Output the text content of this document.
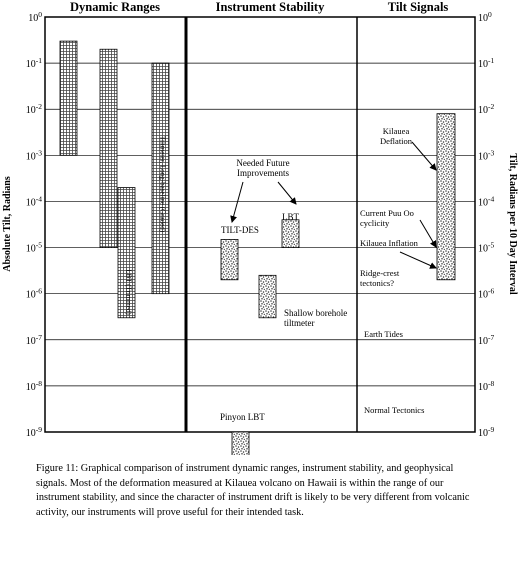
Dynamic Ranges	Instrument Stability	Tilt Signals
Absolute Tilt, Radians	Tilt, Radians per 10 Day Interval
$10^0$	$10^0$
$10^{-1}$	$10^{-1}$
$10^{-2}$	$10^{-2}$
$10^{-3}$	$10^{-3}$
$10^{-4}$	$10^{-4}$
$10^{-5}$	$10^{-5}$
$10^{-6}$	$10^{-6}$
$10^{-7}$	$10^{-7}$
$10^{-8}$	$10^{-8}$
$10^{-9}$	$10^{-9}$
LBT (Trimmed)
Tiltmeter, Long-baseline (Graded)	TILT-DES
LBT
Pinyon LBT
Shallow borehole tiltmeter
Needed Future Improvements
Kilauea Deflation
Current Puu Oo cyclicity
Kilauea Inflation
Ridge-crest tectonics?
Earth Tides
Normal Tectonics
Figure 11: Graphical comparison of instrument dynamic ranges, instrument stability, and geophysical signals. Most of the deformation measured at Kilauea volcano on Hawaii is within the range of our instrument stability, and since the character of instrument drift is likely to be very different from volcanic activity, our instruments will prove useful for their intended task.
